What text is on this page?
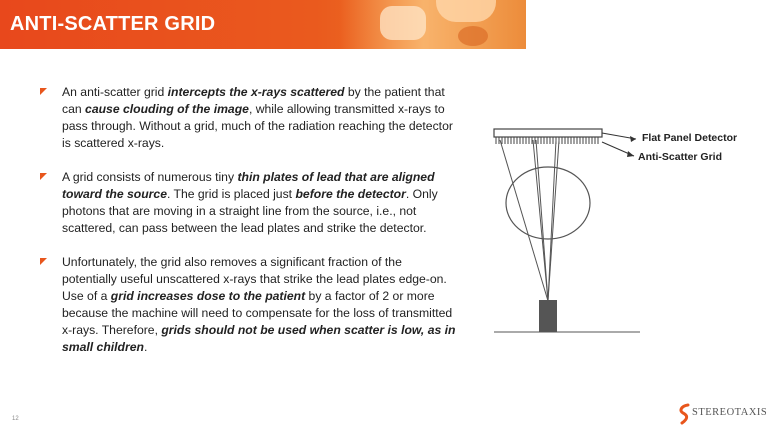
ANTI-SCATTER GRID
An anti-scatter grid intercepts the x-rays scattered by the patient that can cause clouding of the image, while allowing transmitted x-rays to pass through. Without a grid, much of the radiation reaching the detector is scattered x-rays.
A grid consists of numerous tiny thin plates of lead that are aligned toward the source. The grid is placed just before the detector. Only photons that are moving in a straight line from the source, i.e., not scattered, can pass between the lead plates and strike the detector.
Unfortunately, the grid also removes a significant fraction of the potentially useful unscattered x-rays that strike the lead plates edge-on. Use of a grid increases dose to the patient by a factor of 2 or more because the machine will need to compensate for the loss of transmitted x-rays. Therefore, grids should not be used when scatter is low, as in small children.
Flat Panel Detector
Anti-Scatter Grid
12
STEREOTAXIS
